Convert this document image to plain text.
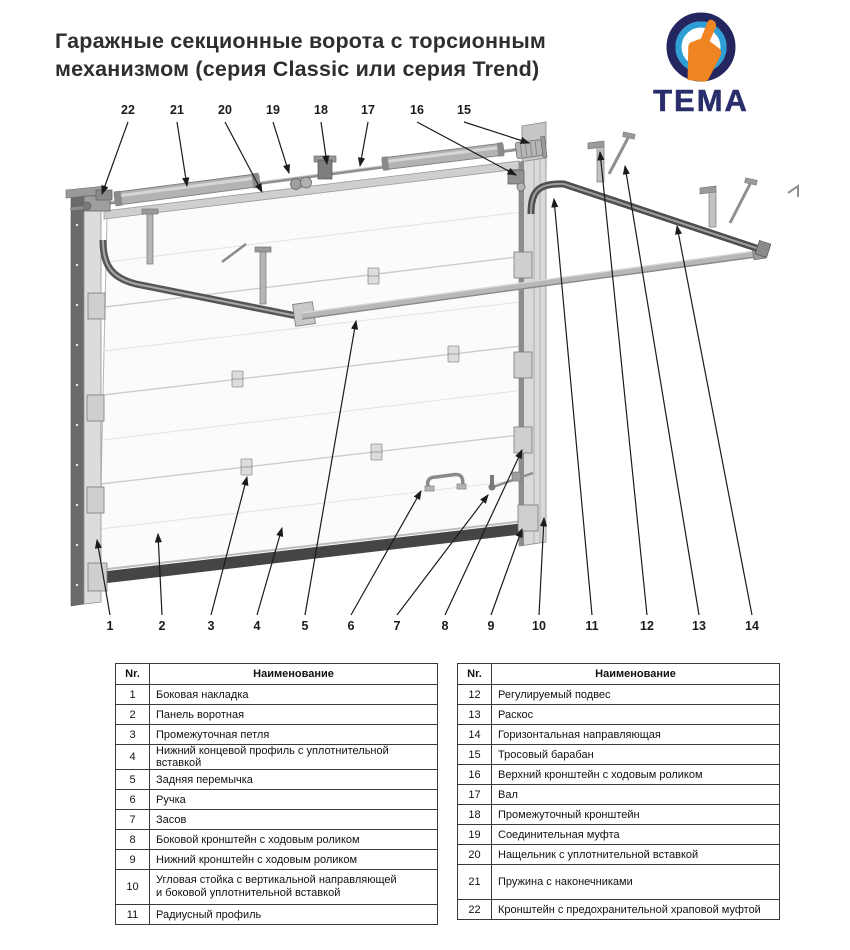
Гаражные секционные ворота с торсионным
механизмом (серия Classic или серия Trend)
TEMA
22	21	20	19	18	17	16	15
1	2	3	4	5	6	7	8	9	10	11	12	13	14
Nr.	Наименование
1	Боковая накладка
2	Панель воротная
3	Промежуточная петля
4	Нижний концевой профиль с уплотнительной вставкой
5	Задняя перемычка
6	Ручка
7	Засов
8	Боковой кронштейн с ходовым роликом
9	Нижний кронштейн с ходовым роликом
10	Угловая стойка с вертикальной направляющей
и боковой уплотнительной вставкой
11	Радиусный профиль
Nr.	Наименование
12	Регулируемый подвес
13	Раскос
14	Горизонтальная направляющая
15	Тросовый барабан
16	Верхний кронштейн с ходовым роликом
17	Вал
18	Промежуточный кронштейн
19	Соединительная муфта
20	Нащельник с уплотнительной вставкой
21	Пружина с наконечниками
22	Кронштейн с предохранительной храповой муфтой
